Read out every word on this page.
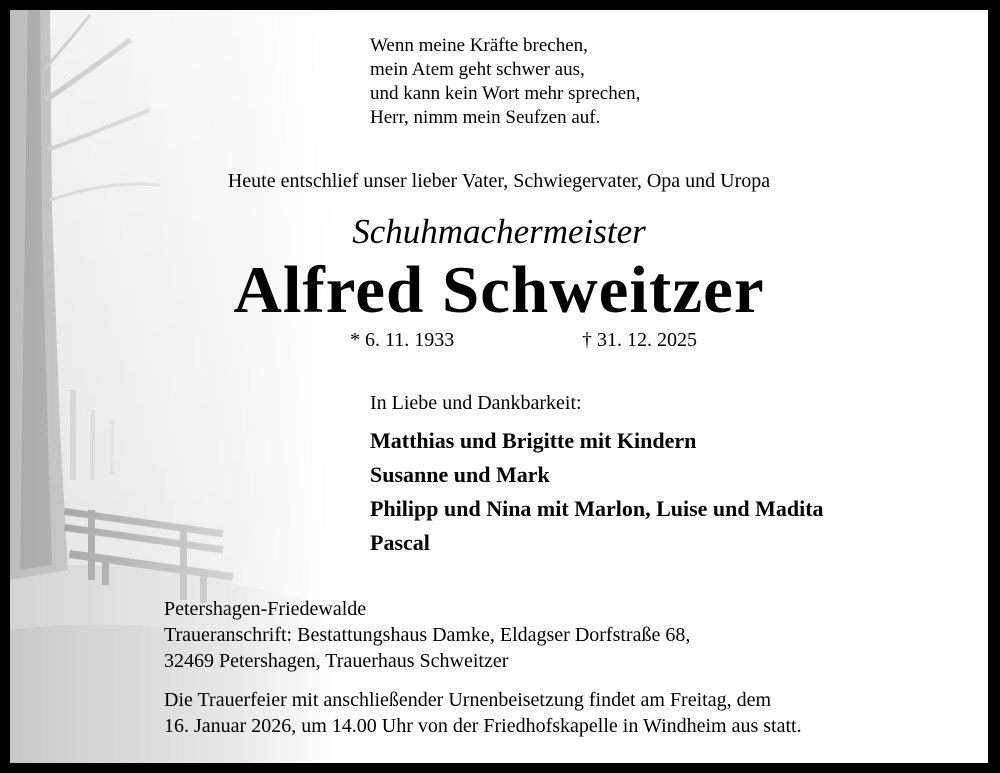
Wenn meine Kräfte brechen,
mein Atem geht schwer aus,
und kann kein Wort mehr sprechen,
Herr, nimm mein Seufzen auf.
Heute entschlief unser lieber Vater, Schwiegervater, Opa und Uropa
Schuhmachermeister
Alfred Schweitzer
* 6. 11. 1933	† 31. 12. 2025
In Liebe und Dankbarkeit:
Matthias und Brigitte mit Kindern
Susanne und Mark
Philipp und Nina mit Marlon, Luise und Madita
Pascal
Petershagen-Friedewalde
Traueranschrift: Bestattungshaus Damke, Eldagser Dorfstraße 68,
32469 Petershagen, Trauerhaus Schweitzer
Die Trauerfeier mit anschließender Urnenbeisetzung findet am Freitag, dem
16. Januar 2026, um 14.00 Uhr von der Friedhofskapelle in Windheim aus statt.
